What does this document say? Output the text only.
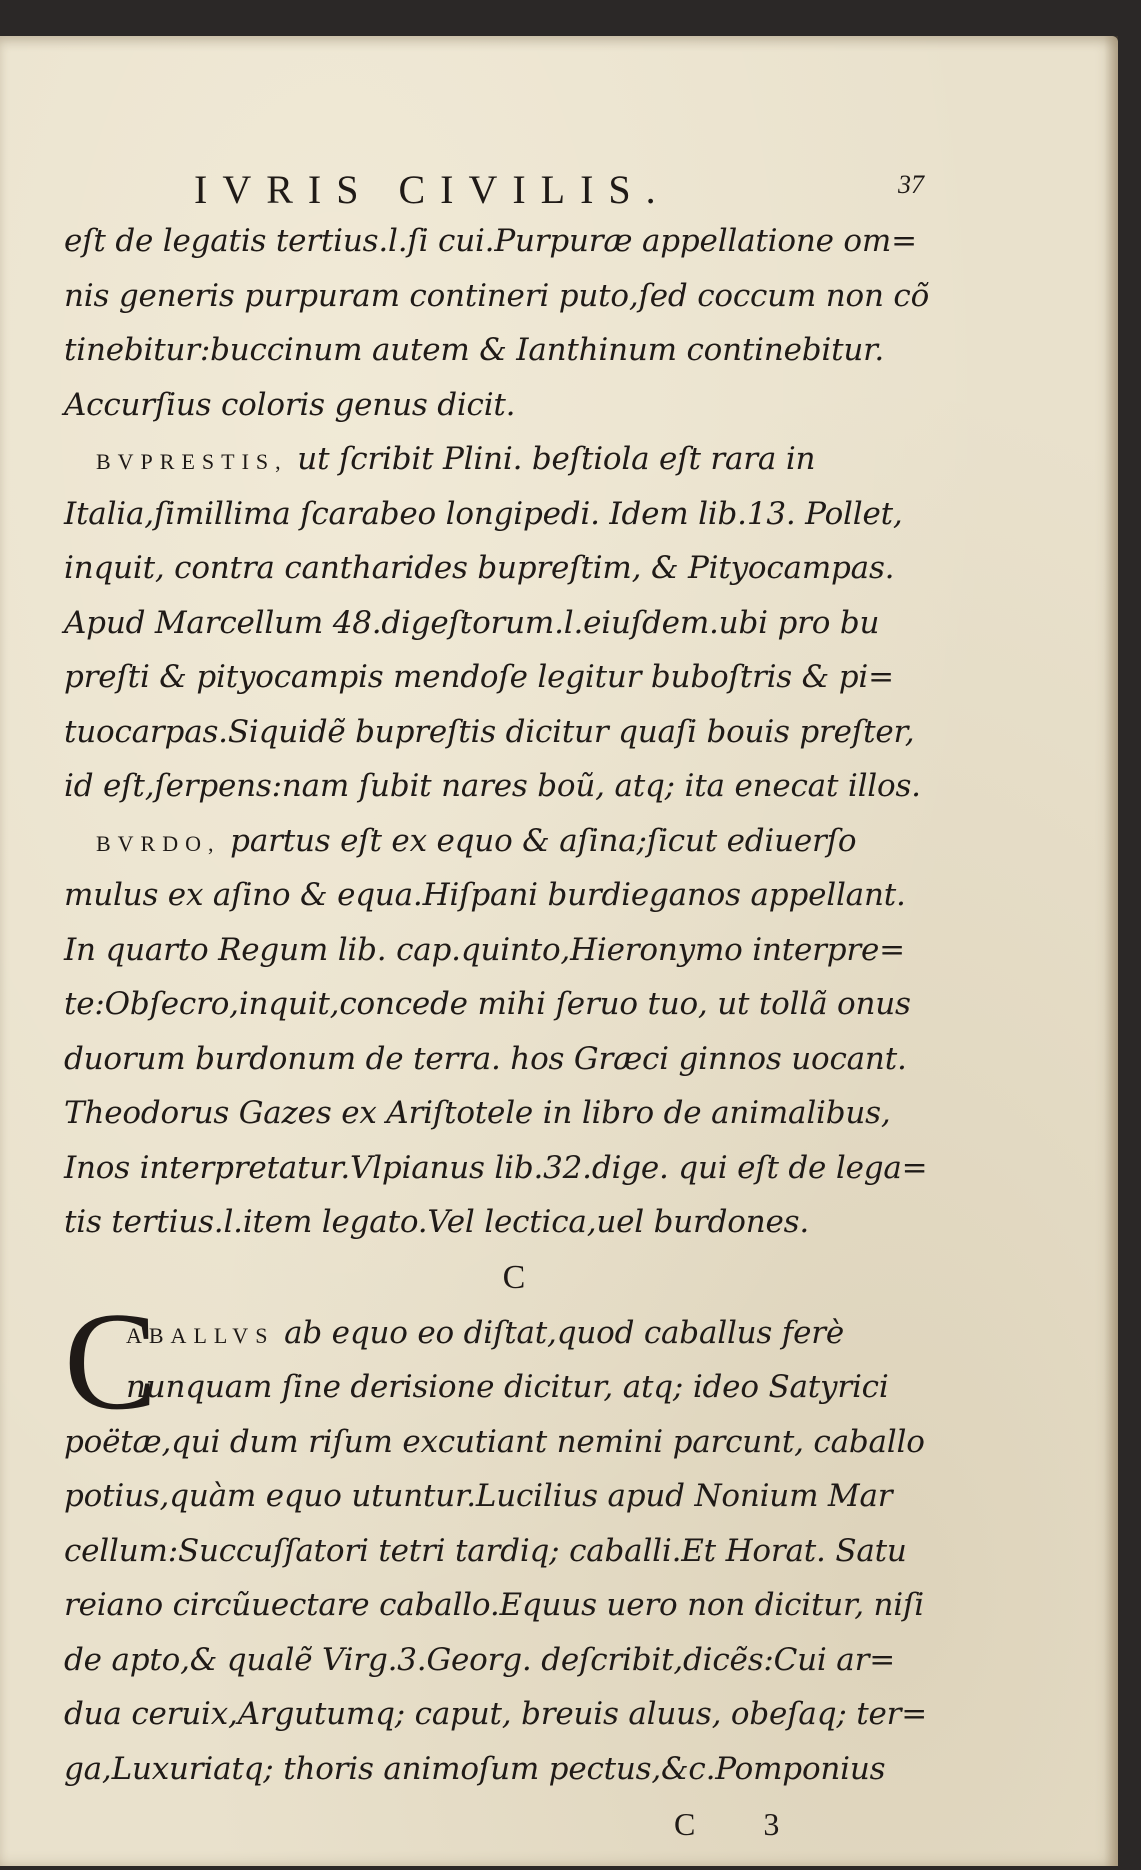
IVRIS CIVILIS.	37
eſt de legatis tertius.l.ſi cui.Purpuræ appellatione om=
nis generis purpuram contineri puto,ſed coccum non cõ
tinebitur:buccinum autem & Ianthinum continebitur.
Accurſius coloris genus dicit.
BVPRESTIS, ut ſcribit Plini. beſtiola eſt rara in
Italia,ſimillima ſcarabeo longipedi. Idem lib.13. Pollet,
inquit, contra cantharides bupreſtim, & Pityocampas.
Apud Marcellum 48.digeſtorum.l.eiuſdem.ubi pro bu
preſti & pityocampis mendoſe legitur buboſtris & pi=
tuocarpas.Siquidẽ bupreſtis dicitur quaſi bouis preſter,
id eſt,ſerpens:nam ſubit nares boũ, atq; ita enecat illos.
BVRDO, partus eſt ex equo & aſina;ſicut ediuerſo
mulus ex aſino & equa.Hiſpani burdieganos appellant.
In quarto Regum lib. cap.quinto,Hieronymo interpre=
te:Obſecro,inquit,concede mihi ſeruo tuo, ut tollã onus
duorum burdonum de terra. hos Græci ginnos uocant.
Theodorus Gazes ex Ariſtotele in libro de animalibus,
Inos interpretatur.Vlpianus lib.32.dige. qui eſt de lega=
tis tertius.l.item legato.Vel lectica,uel burdones.
C
C
ABALLVS ab equo eo diſtat,quod caballus ferè
nunquam ſine derisione dicitur, atq; ideo Satyrici
poëtæ,qui dum riſum excutiant nemini parcunt, caballo
potius,quàm equo utuntur.Lucilius apud Nonium Mar
cellum:Succuſſatori tetri tardiq; caballi.Et Horat. Satu
reiano circũuectare caballo.Equus uero non dicitur, niſi
de apto,& qualẽ Virg.3.Georg. deſcribit,dicẽs:Cui ar=
dua ceruix,Argutumq; caput, breuis aluus, obeſaq; ter=
ga,Luxuriatq; thoris animoſum pectus,&c.Pomponius
C 3
